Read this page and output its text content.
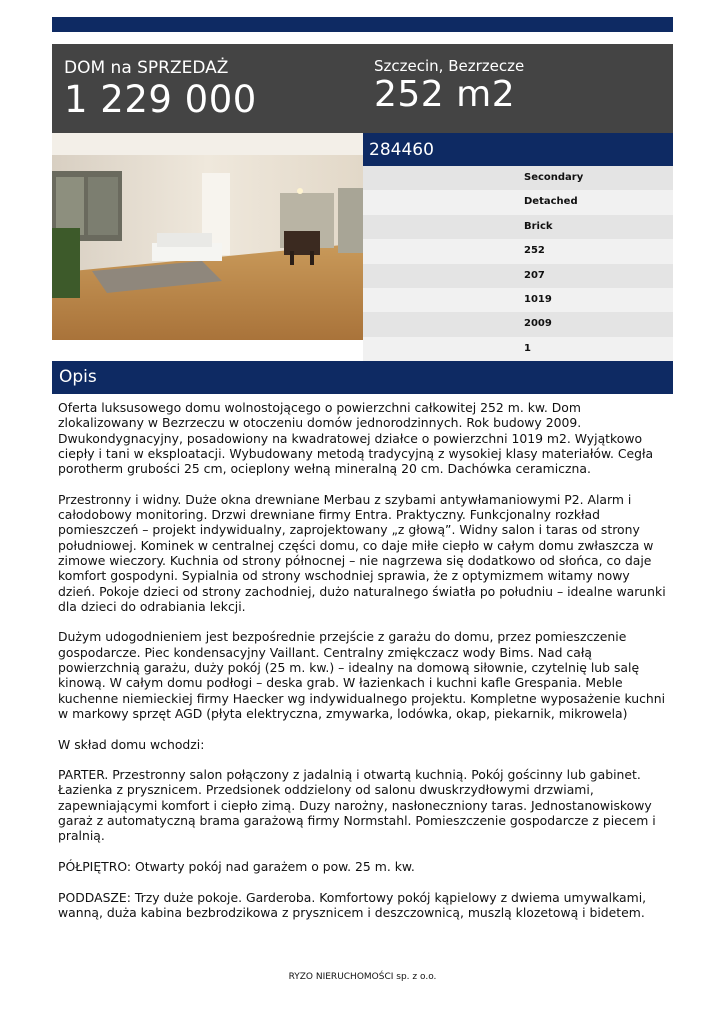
DOM na SPRZEDAŻ
1 229 000
Szczecin, Bezrzecze
252 m2
284460
Secondary
Detached
Brick
252
207
1019
2009
1
Opis

Oferta luksusowego domu wolnostojącego o powierzchni całkowitej 252 m. kw. Dom zlokalizowany w Bezrzeczu w otoczeniu domów jednorodzinnych. Rok budowy 2009. Dwukondygnacyjny, posadowiony na kwadratowej działce o powierzchni 1019 m2. Wyjątkowo ciepły i tani w eksploatacji. Wybudowany metodą tradycyjną z wysokiej klasy materiałów. Cegła porotherm grubości 25 cm, ocieplony wełną mineralną 20 cm. Dachówka ceramiczna.

Przestronny i widny. Duże okna drewniane Merbau z szybami antywłamaniowymi P2. Alarm i całodobowy monitoring. Drzwi drewniane firmy Entra. Praktyczny. Funkcjonalny rozkład pomieszczeń – projekt indywidualny, zaprojektowany „z głową”. Widny salon i taras od strony południowej. Kominek w centralnej części domu, co daje miłe ciepło w całym domu zwłaszcza w zimowe wieczory. Kuchnia od strony północnej – nie nagrzewa się dodatkowo od słońca, co daje komfort gospodyni. Sypialnia od strony wschodniej sprawia, że z optymizmem witamy nowy dzień. Pokoje dzieci od strony zachodniej, dużo naturalnego światła po południu – idealne warunki dla dzieci do odrabiania lekcji.

Dużym udogodnieniem jest bezpośrednie przejście z garażu do domu, przez pomieszczenie gospodarcze. Piec kondensacyjny Vaillant. Centralny zmiękczacz wody Bims. Nad całą powierzchnią garażu, duży pokój (25 m. kw.) – idealny na domową siłownie, czytelnię lub salę kinową. W całym domu podłogi – deska grab. W łazienkach i kuchni kafle Grespania. Meble kuchenne niemieckiej firmy Haecker wg indywidualnego projektu. Kompletne wyposażenie kuchni w markowy sprzęt AGD (płyta elektryczna, zmywarka, lodówka, okap, piekarnik, mikrowela)

W skład domu wchodzi:

PARTER. Przestronny salon połączony z jadalnią i otwartą kuchnią. Pokój gościnny lub gabinet. Łazienka z prysznicem. Przedsionek oddzielony od salonu dwuskrzydłowymi drzwiami, zapewniającymi komfort i ciepło zimą. Duzy narożny, nasłoneczniony taras. Jednostanowiskowy garaż z automatyczną brama garażową firmy Normstahl. Pomieszczenie gospodarcze z piecem i pralnią.

PÓŁPIĘTRO: Otwarty pokój nad garażem o pow. 25 m. kw.

PODDASZE: Trzy duże pokoje. Garderoba. Komfortowy pokój kąpielowy z dwiema umywalkami, wanną, duża kabina bezbrodzikowa z prysznicem i deszczownicą, muszlą klozetową i bidetem.

RYZO NIERUCHOMOŚCI sp. z o.o.
